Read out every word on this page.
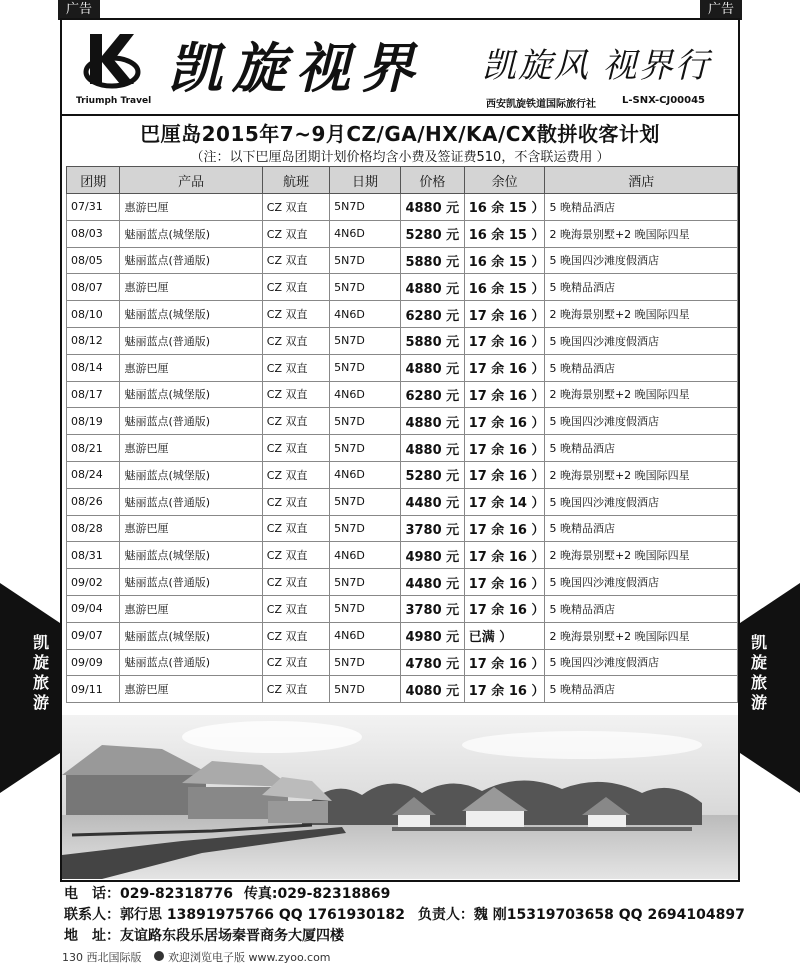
广告	广告
凯旋旅游
凯旋旅游
Triumph Travel
凯旋视界 凯旋风 视界行
西安凯旋铁道国际旅行社	L-SNX-CJ00045
巴厘岛2015年7~9月CZ/GA/HX/KA/CX散拼收客计划
（注：以下巴厘岛团期计划价格均含小费及签证费510，不含联运费用 ）
团期	产品	航班	日期	价格	余位	酒店
07/31	惠游巴厘	CZ 双直	5N7D	4880 元	16 余 15 ）	5 晚精品酒店
08/03	魅丽蓝点(城堡版)	CZ 双直	4N6D	5280 元	16 余 15 ）	2 晚海景别墅+2 晚国际四星
08/05	魅丽蓝点(普通版)	CZ 双直	5N7D	5880 元	16 余 15 ）	5 晚国四沙滩度假酒店
08/07	惠游巴厘	CZ 双直	5N7D	4880 元	16 余 15 ）	5 晚精品酒店
08/10	魅丽蓝点(城堡版)	CZ 双直	4N6D	6280 元	17 余 16 ）	2 晚海景别墅+2 晚国际四星
08/12	魅丽蓝点(普通版)	CZ 双直	5N7D	5880 元	17 余 16 ）	5 晚国四沙滩度假酒店
08/14	惠游巴厘	CZ 双直	5N7D	4880 元	17 余 16 ）	5 晚精品酒店
08/17	魅丽蓝点(城堡版)	CZ 双直	4N6D	6280 元	17 余 16 ）	2 晚海景别墅+2 晚国际四星
08/19	魅丽蓝点(普通版)	CZ 双直	5N7D	4880 元	17 余 16 ）	5 晚国四沙滩度假酒店
08/21	惠游巴厘	CZ 双直	5N7D	4880 元	17 余 16 ）	5 晚精品酒店
08/24	魅丽蓝点(城堡版)	CZ 双直	4N6D	5280 元	17 余 16 ）	2 晚海景别墅+2 晚国际四星
08/26	魅丽蓝点(普通版)	CZ 双直	5N7D	4480 元	17 余 14 ）	5 晚国四沙滩度假酒店
08/28	惠游巴厘	CZ 双直	5N7D	3780 元	17 余 16 ）	5 晚精品酒店
08/31	魅丽蓝点(城堡版)	CZ 双直	4N6D	4980 元	17 余 16 ）	2 晚海景别墅+2 晚国际四星
09/02	魅丽蓝点(普通版)	CZ 双直	5N7D	4480 元	17 余 16 ）	5 晚国四沙滩度假酒店
09/04	惠游巴厘	CZ 双直	5N7D	3780 元	17 余 16 ）	5 晚精品酒店
09/07	魅丽蓝点(城堡版)	CZ 双直	4N6D	4980 元	已满 ）	2 晚海景别墅+2 晚国际四星
09/09	魅丽蓝点(普通版)	CZ 双直	5N7D	4780 元	17 余 16 ）	5 晚国四沙滩度假酒店
09/11	惠游巴厘	CZ 双直	5N7D	4080 元	17 余 16 ）	5 晚精品酒店
电　话：029-82318776 传真:029-82318869
联系人：郭行思 13891975766 QQ 1761930182 负责人：魏 刚15319703658 QQ 2694104897
地　址：友谊路东段乐居场秦晋商务大厦四楼
130 西北国际版 欢迎浏览电子版 www.zyoo.com
